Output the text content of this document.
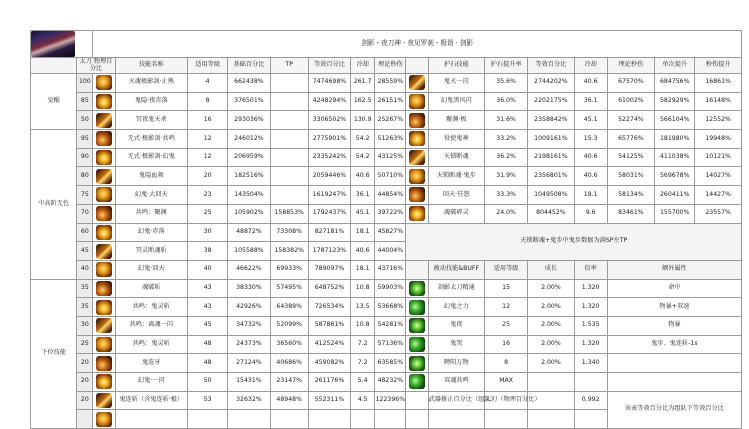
		剑影 - 夜刀神 - 夜见罗刹 - 极诣 · 剑影															
	太刀 物理百分比		技能名称	适用等级	基础百分比	TP	等效百分比	冷却	理论秒伤		护石技能	护石提升率	等效百分比	冷却	理论秒伤	单次提升	秒伤提升
觉醒	100		灭魂极影剑·止熟	4	662438%		7474698%	261.7	28559%		鬼灭一闪	35.6%	2744202%	40.6	67570%	684756%	16861%
	85		鬼隐·夜赤落	8	376501%		4248294%	162.5	26151%		幻鬼黑风闪	36.0%	2202175%	36.1	61002%	582929%	16148%
	50		冥夜鬼天杀	16	293036%		3306502%	130.9	25267%		聚渊·极	31.6%	2358842%	45.1	52274%	566104%	12552%
中高阶无色	95		无式·极影剑·共鸣	12	246012%		2775901%	54.2	51263%		役使鬼神	33.2%	1009161%	15.3	65776%	181980%	19948%
	90		无式·极影剑·幻鬼	12	206959%		2335242%	54.2	43125%		天锁断魂	36.2%	2198161%	40.6	54125%	411038%	10121%
	80		鬼隐血舞	20	182516%		2059446%	40.6	50710%		天锁断魂·鬼步	31.9%	2356801%	40.6	58031%	569678%	14027%
	75		幻鬼·大回天	23	143504%		1619247%	36.1	44854%		回天·狂怒	33.3%	1049508%	18.1	58134%	260411%	14427%
	70		共鸣：聚渊	25	105902%	158853%	1792437%	45.1	39722%		魂破碎灵	24.0%	804452%	9.6	83461%	155700%	23557%
	60		幻鬼·赤落	30	48872%	73308%	827181%	18.1	45827%	天锁断魂+鬼步中鬼步数据为满SP左TP							
	45		冥灵断魂斩	38	105588%	158382%	1787123%	40.6	44004%								
	40		幻鬼·回天	40	46622%	69933%	789097%	18.1	43716%		被动技能&BUFF	适用等级	成长	倍率	额外属性		
下位技能	35		魂破斩	43	38330%	57495%	648752%	10.8	59903%		剑影太刀精通	15	2.00%	1.320	命中		
	35		共鸣：鬼灵斩	43	42926%	64389%	726534%	13.5	53668%		幻鬼之力	12	2.00%	1.320	物暴+双速		
	30		共鸣：离魂一闪	45	34732%	52099%	587861%	10.8	54281%		鬼夜	25	2.00%	1.535	物暴		
	25		共鸣：鬼灵斩	48	24373%	36560%	412524%	7.2	57136%		鬼哭	16	2.00%	1.320	鬼步、鬼连斩-1s		
	20		鬼连牙	48	27124%	40686%	459082%	7.2	63585%		聘阳万物	8	2.00%	1.340			
	20		幻鬼·一闪	50	15431%	23147%	261176%	5.4	48232%		双魂共鸣	MAX					
	20		鬼连斩（含鬼连斩·极）	53	32632%	48948%	552311%	4.5	122396%		武器修正百分比（组队）	太刀（物理百分比）		0.992	该表等效百分比为组队下等效百分比		
